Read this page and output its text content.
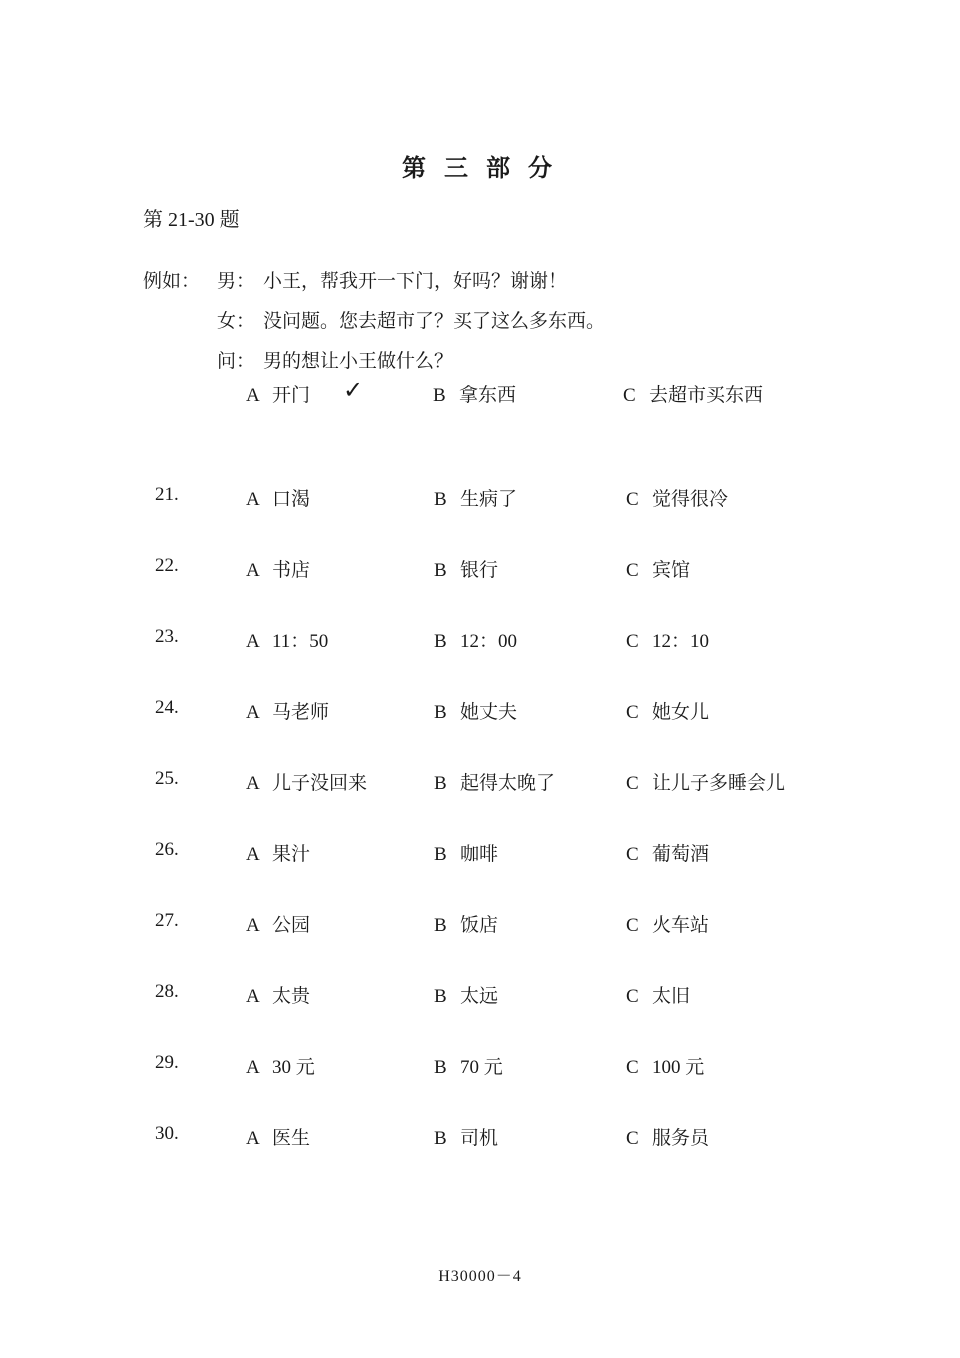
第 三 部 分
第 21-30 题
例如： 男： 小王，帮我开一下门，好吗？谢谢！
女： 没问题。您去超市了？买了这么多东西。
问： 男的想让小王做什么？
A 开门 ✓	B 拿东西	C 去超市买东西
21.	A 口渴	B 生病了	C 觉得很冷
22.	A 书店	B 银行	C 宾馆
23.	A 11：50	B 12：00	C 12：10
24.	A 马老师	B 她丈夫	C 她女儿
25.	A 儿子没回来	B 起得太晚了	C 让儿子多睡会儿
26.	A 果汁	B 咖啡	C 葡萄酒
27.	A 公园	B 饭店	C 火车站
28.	A 太贵	B 太远	C 太旧
29.	A 30 元	B 70 元	C 100 元
30.	A 医生	B 司机	C 服务员
H30000－4
